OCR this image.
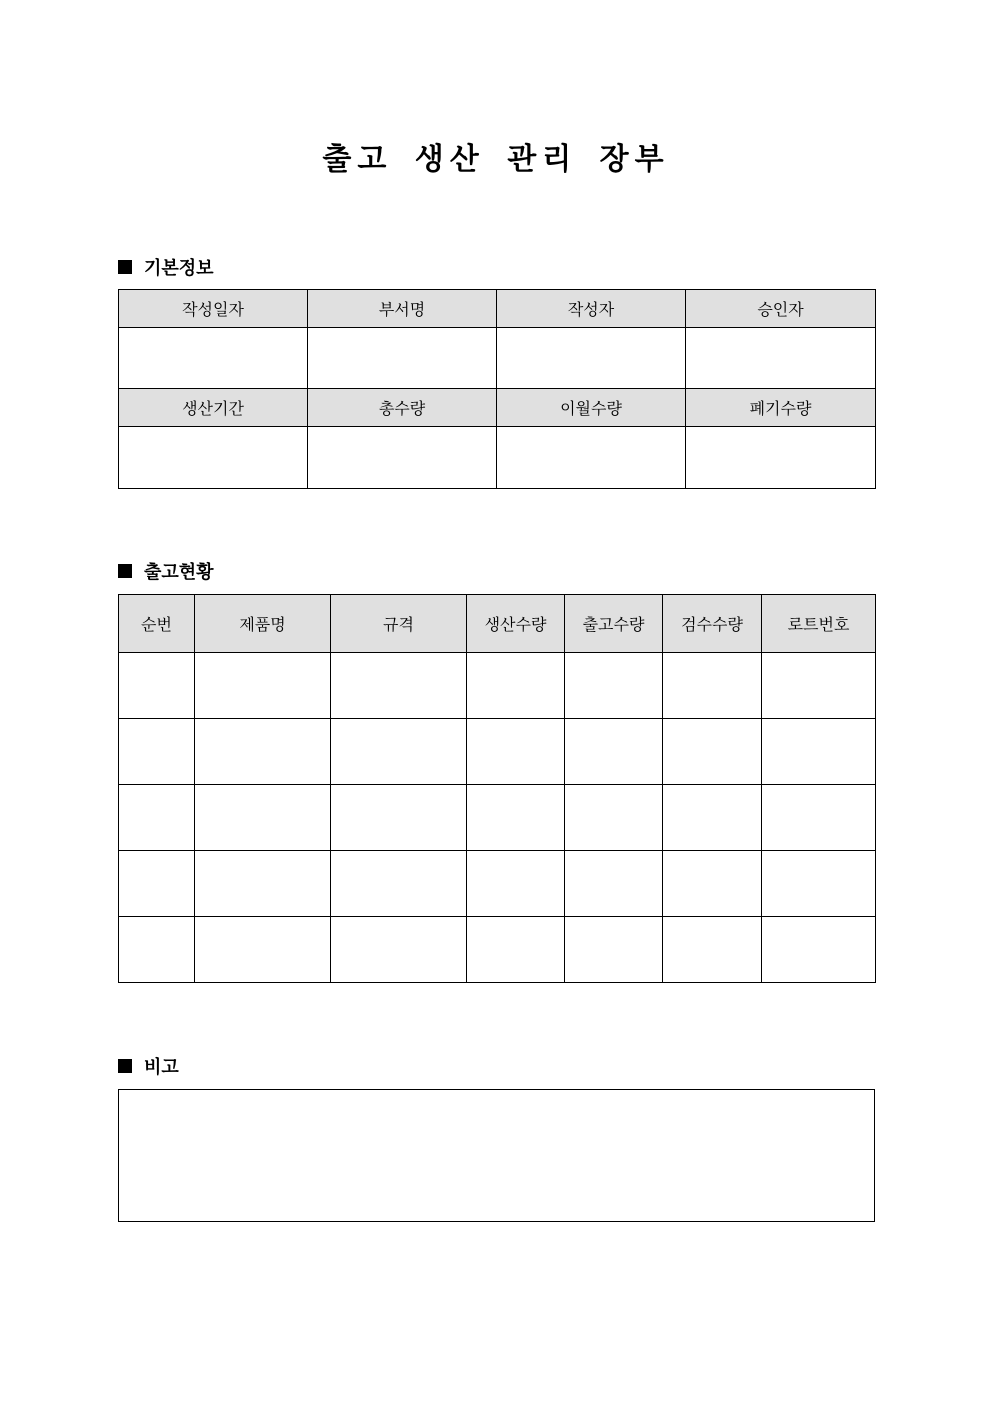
출고 생산 관리 장부
기본정보
작성일자	부서명	작성자	승인자

생산기간	총수량	이월수량	폐기수량

출고현황
순번	제품명	규격	생산수량	출고수량	검수수량	로트번호

비고
